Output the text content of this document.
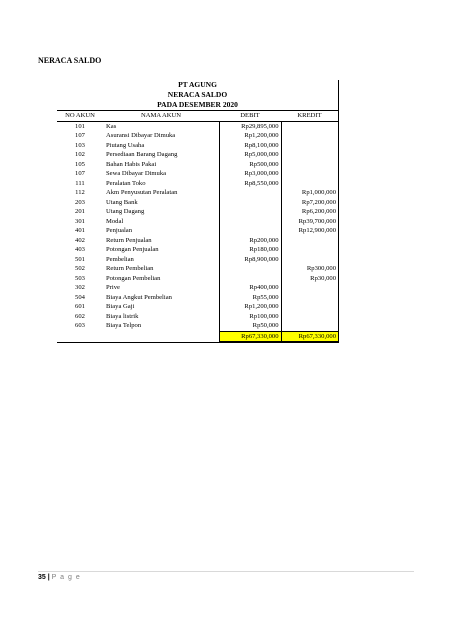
NERACA SALDO
PT AGUNG
NERACA SALDO
PADA DESEMBER 2020
NO AKUN	NAMA AKUN	DEBIT	KREDIT
101	Kas	Rp29,895,000	
107	Asuransi Dibayar Dimuka	Rp1,200,000	
103	Piutang Usaha	Rp8,100,000	
102	Persediaan Barang Dagang	Rp5,000,000	
105	Bahan Habis Pakai	Rp500,000	
107	Sewa Dibayar Dimuka	Rp3,000,000	
111	Peralatan Toko	Rp8,550,000	
112	Akm Penyusutan Peralatan		Rp1,000,000
203	Utang Bank		Rp7,200,000
201	Utang Dagang		Rp6,200,000
301	Modal		Rp39,700,000
401	Penjualan		Rp12,900,000
402	Return Penjualan	Rp200,000	
403	Potongan Penjualan	Rp180,000	
501	Pembelian	Rp8,900,000	
502	Return Pembelian		Rp300,000
503	Potongan Pembelian		Rp30,000
302	Prive	Rp400,000	
504	Biaya Angkut Pembelian	Rp55,000	
601	Biaya Gaji	Rp1,200,000	
602	Biaya listrik	Rp100,000	
603	Biaya Telpon	Rp50,000	
		Rp67,330,000	Rp67,330,000
35 | P a g e
